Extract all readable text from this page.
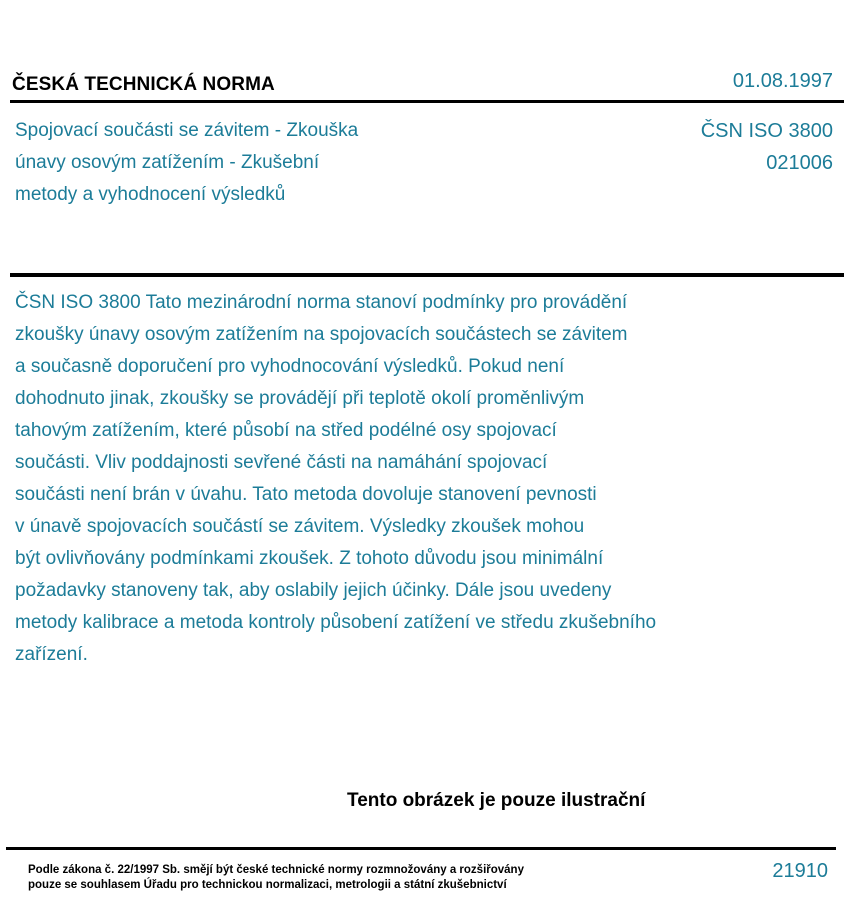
ČESKÁ TECHNICKÁ NORMA	01.08.1997
Spojovací součásti se závitem - Zkouška
únavy osovým zatížením - Zkušební
metody a vyhodnocení výsledků
ČSN ISO 3800
021006
ČSN ISO 3800 Tato mezinárodní norma stanoví podmínky pro provádění
zkoušky únavy osovým zatížením na spojovacích součástech se závitem
a současně doporučení pro vyhodnocování výsledků. Pokud není
dohodnuto jinak, zkoušky se provádějí při teplotě okolí proměnlivým
tahovým zatížením, které působí na střed podélné osy spojovací
součásti. Vliv poddajnosti sevřené části na namáhání spojovací
součásti není brán v úvahu. Tato metoda dovoluje stanovení pevnosti
v únavě spojovacích součástí se závitem. Výsledky zkoušek mohou
být ovlivňovány podmínkami zkoušek. Z tohoto důvodu jsou minimální
požadavky stanoveny tak, aby oslabily jejich účinky. Dále jsou uvedeny
metody kalibrace a metoda kontroly působení zatížení ve středu zkušebního
zařízení.
Tento obrázek je pouze ilustrační
Podle zákona č. 22/1997 Sb. smějí být české technické normy rozmnožovány a rozšiřovány
pouze se souhlasem Úřadu pro technickou normalizaci, metrologii a státní zkušebnictví
21910
